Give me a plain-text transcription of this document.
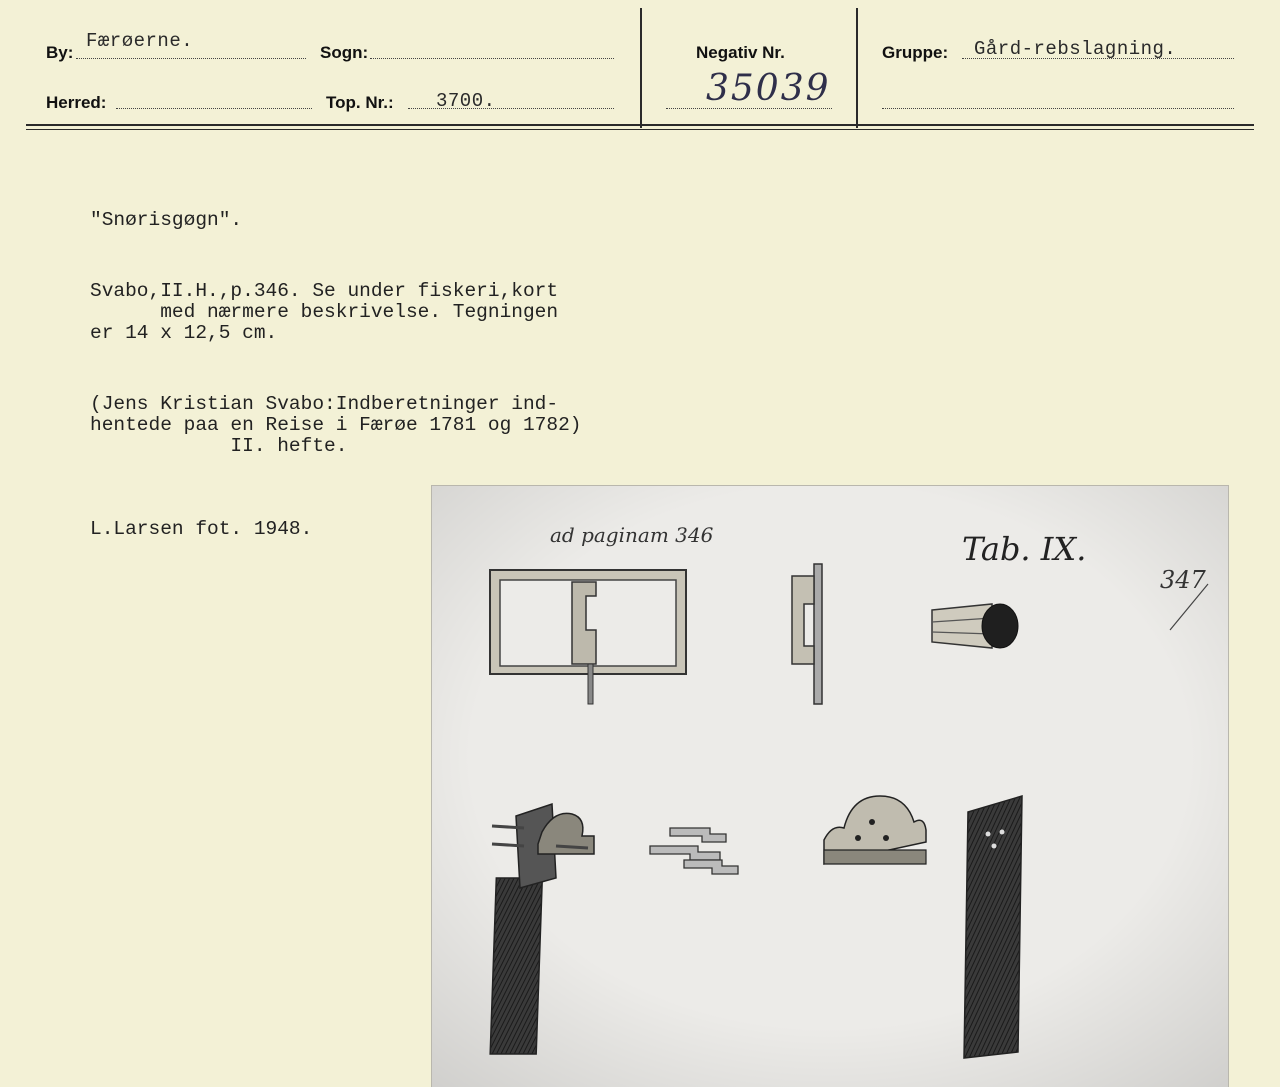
By:
Færøerne.
Sogn:
Herred:	Top. Nr.: 3700.
Negativ Nr.
35039
Gruppe: Gård-rebslagning.

"Snørisgøgn".

Svabo,II.H.,p.346. Se under fiskeri,kort
med nærmere beskrivelse. Tegningen
er 14 x 12,5 cm.

(Jens Kristian Svabo:Indberetninger ind-
hentede paa en Reise i Færøe 1781 og 1782)
II. hefte.

L.Larsen fot. 1948.

	ad paginam 346	Tab. IX.
347
